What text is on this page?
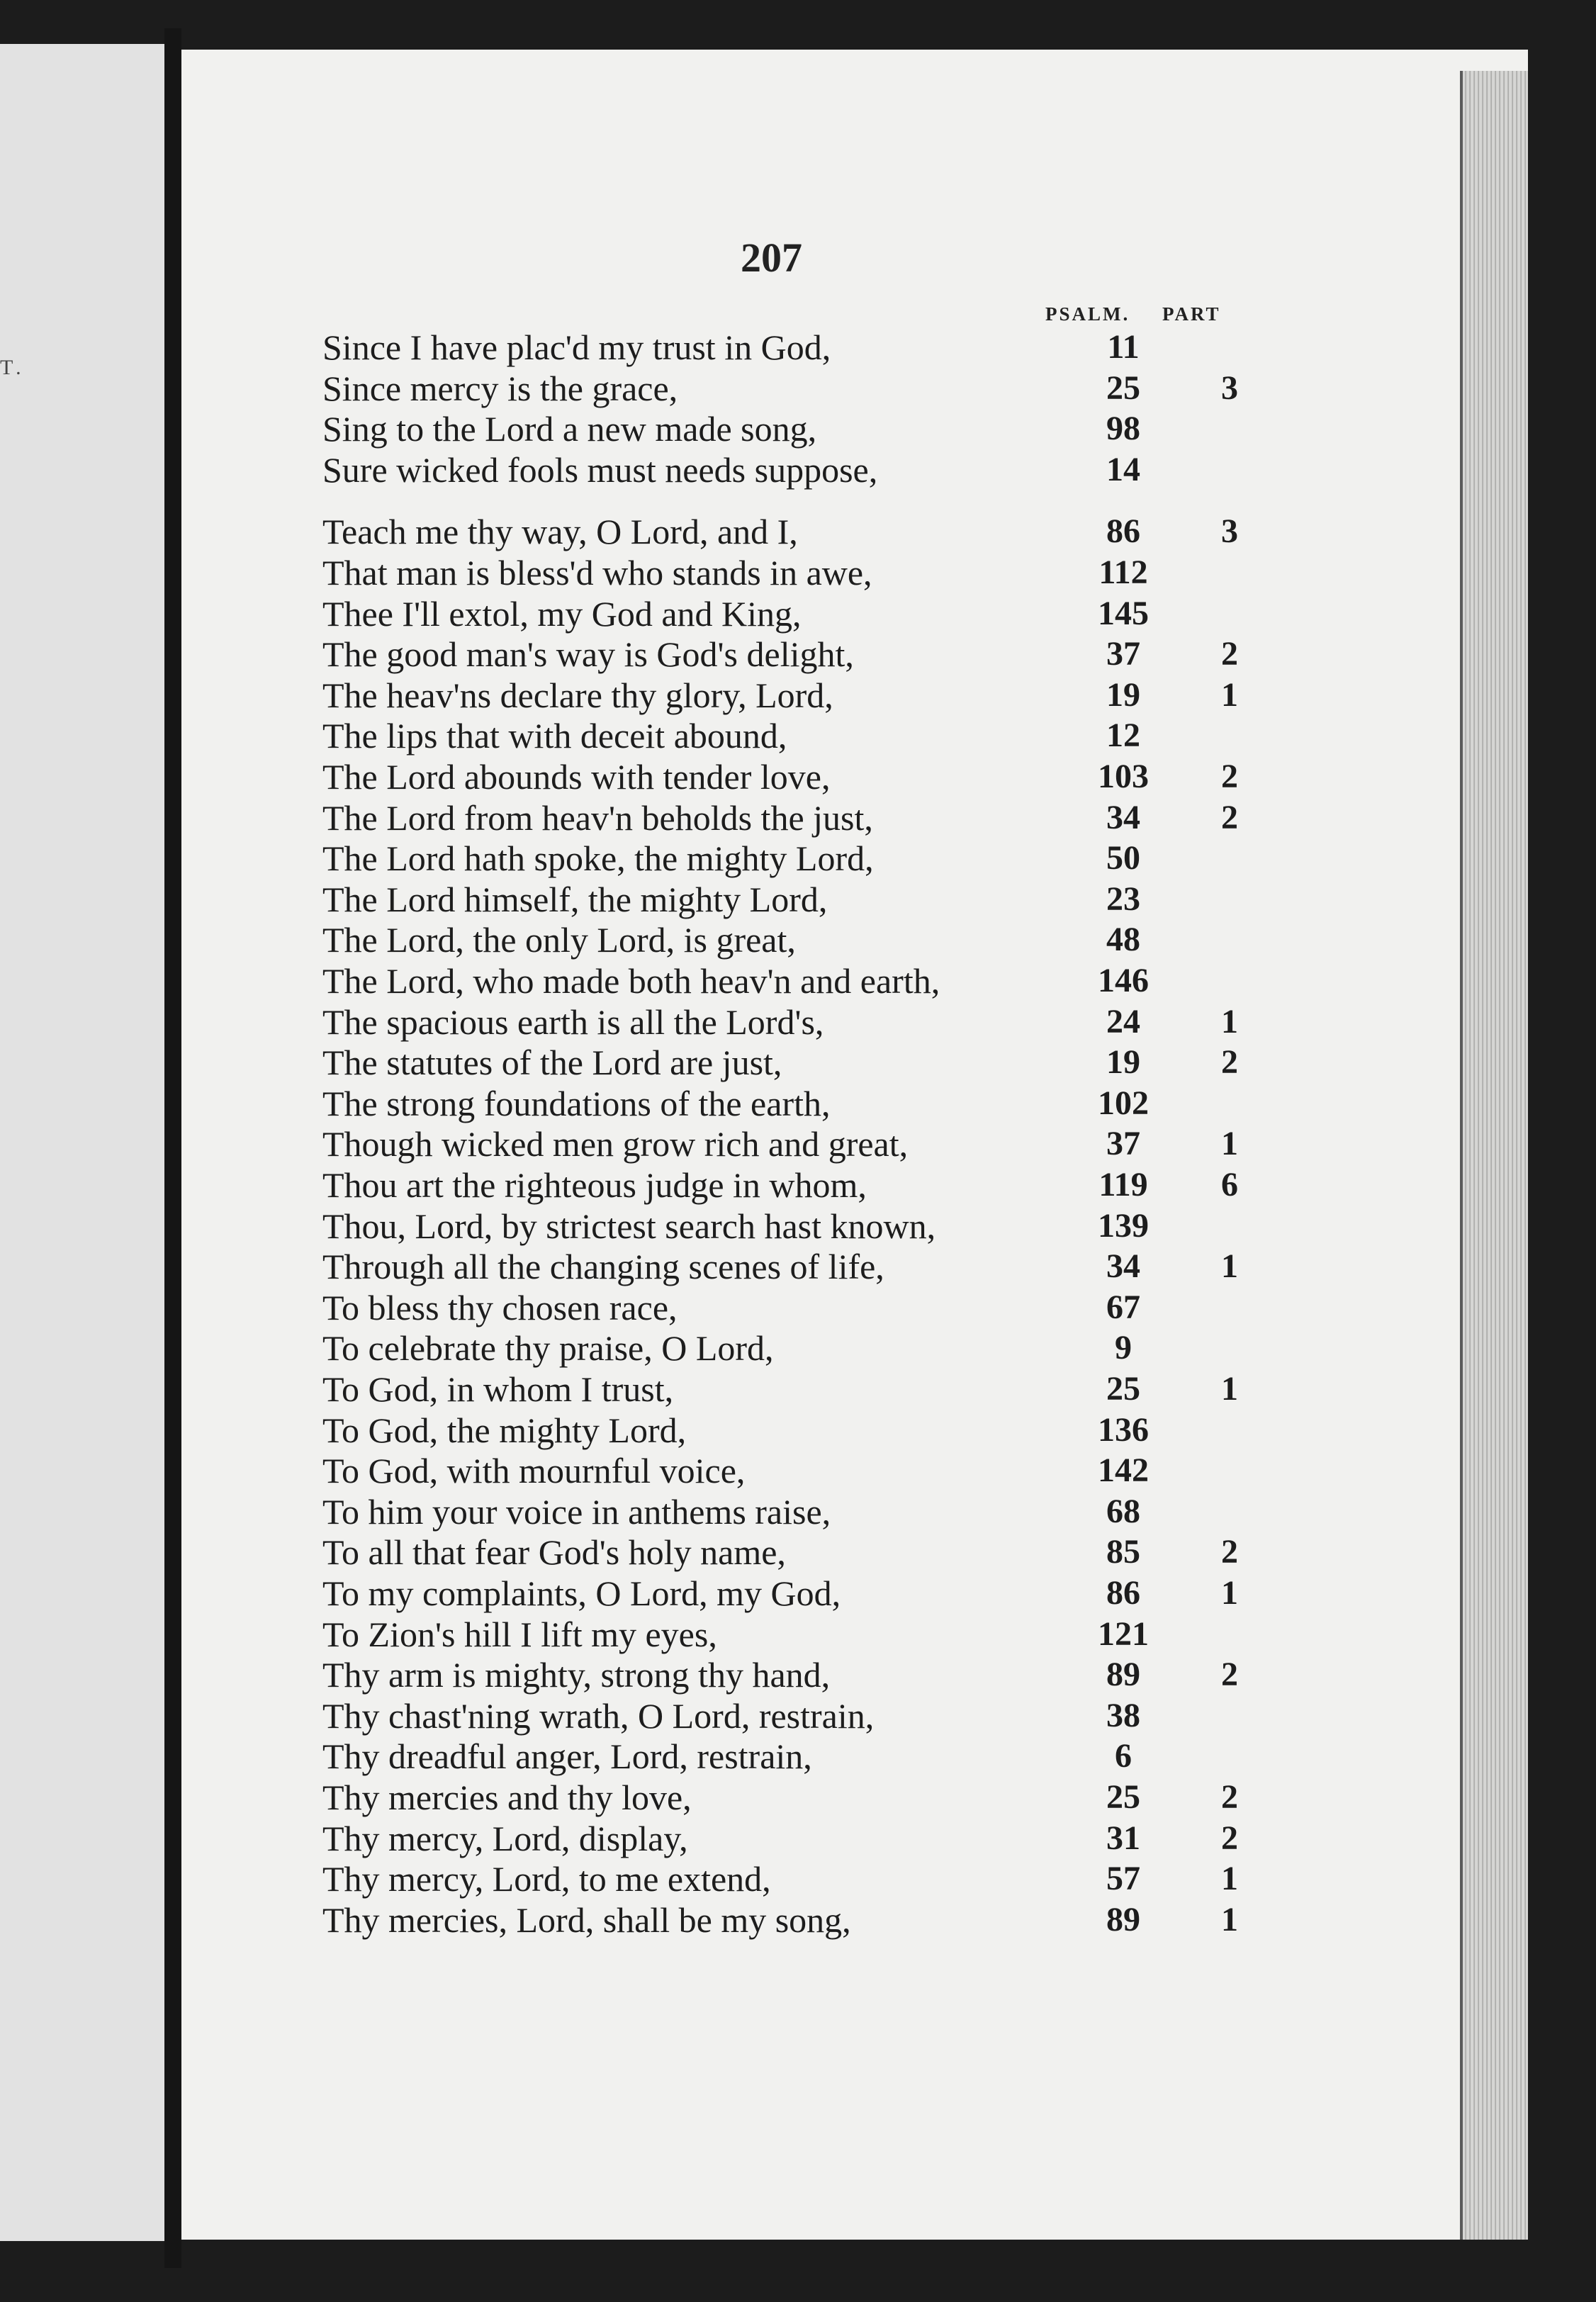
T.
207
PSALM. PART
Since I have plac'd my trust in God,	11
Since mercy is the grace,	25	3
Sing to the Lord a new made song,	98
Sure wicked fools must needs suppose,	14
Teach me thy way, O Lord, and I,	86	3
That man is bless'd who stands in awe,	112
Thee I'll extol, my God and King,	145
The good man's way is God's delight,	37	2
The heav'ns declare thy glory, Lord,	19	1
The lips that with deceit abound,	12
The Lord abounds with tender love,	103	2
The Lord from heav'n beholds the just,	34	2
The Lord hath spoke, the mighty Lord,	50
The Lord himself, the mighty Lord,	23
The Lord, the only Lord, is great,	48
The Lord, who made both heav'n and earth,	146
The spacious earth is all the Lord's,	24	1
The statutes of the Lord are just,	19	2
The strong foundations of the earth,	102
Though wicked men grow rich and great,	37	1
Thou art the righteous judge in whom,	119	6
Thou, Lord, by strictest search hast known,	139
Through all the changing scenes of life,	34	1
To bless thy chosen race,	67
To celebrate thy praise, O Lord,	9
To God, in whom I trust,	25	1
To God, the mighty Lord,	136
To God, with mournful voice,	142
To him your voice in anthems raise,	68
To all that fear God's holy name,	85	2
To my complaints, O Lord, my God,	86	1
To Zion's hill I lift my eyes,	121
Thy arm is mighty, strong thy hand,	89	2
Thy chast'ning wrath, O Lord, restrain,	38
Thy dreadful anger, Lord, restrain,	6
Thy mercies and thy love,	25	2
Thy mercy, Lord, display,	31	2
Thy mercy, Lord, to me extend,	57	1
Thy mercies, Lord, shall be my song,	89	1
